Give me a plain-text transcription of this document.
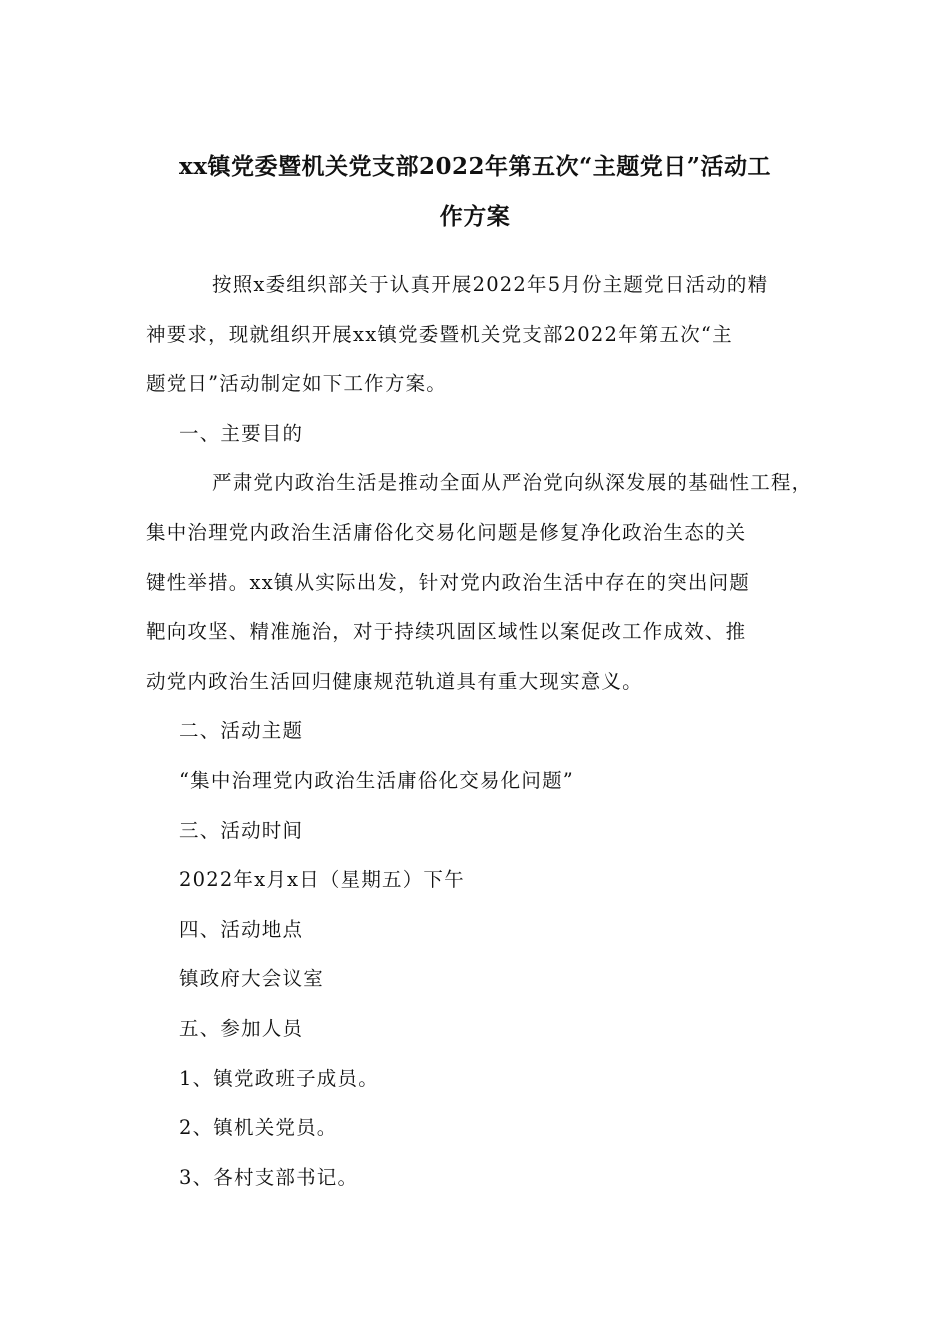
xx镇党委暨机关党支部2022年第五次“主题党日”活动工
作方案
按照x委组织部关于认真开展2022年5月份主题党日活动的精
神要求，现就组织开展xx镇党委暨机关党支部2022年第五次“主
题党日”活动制定如下工作方案。

一、主要目的

严肃党内政治生活是推动全面从严治党向纵深发展的基础性工程，
集中治理党内政治生活庸俗化交易化问题是修复净化政治生态的关
键性举措。xx镇从实际出发，针对党内政治生活中存在的突出问题
靶向攻坚、精准施治，对于持续巩固区域性以案促改工作成效、推
动党内政治生活回归健康规范轨道具有重大现实意义。

二、活动主题

“集中治理党内政治生活庸俗化交易化问题”

三、活动时间

2022年x月x日（星期五）下午

四、活动地点

镇政府大会议室

五、参加人员

1、镇党政班子成员。

2、镇机关党员。

3、各村支部书记。
